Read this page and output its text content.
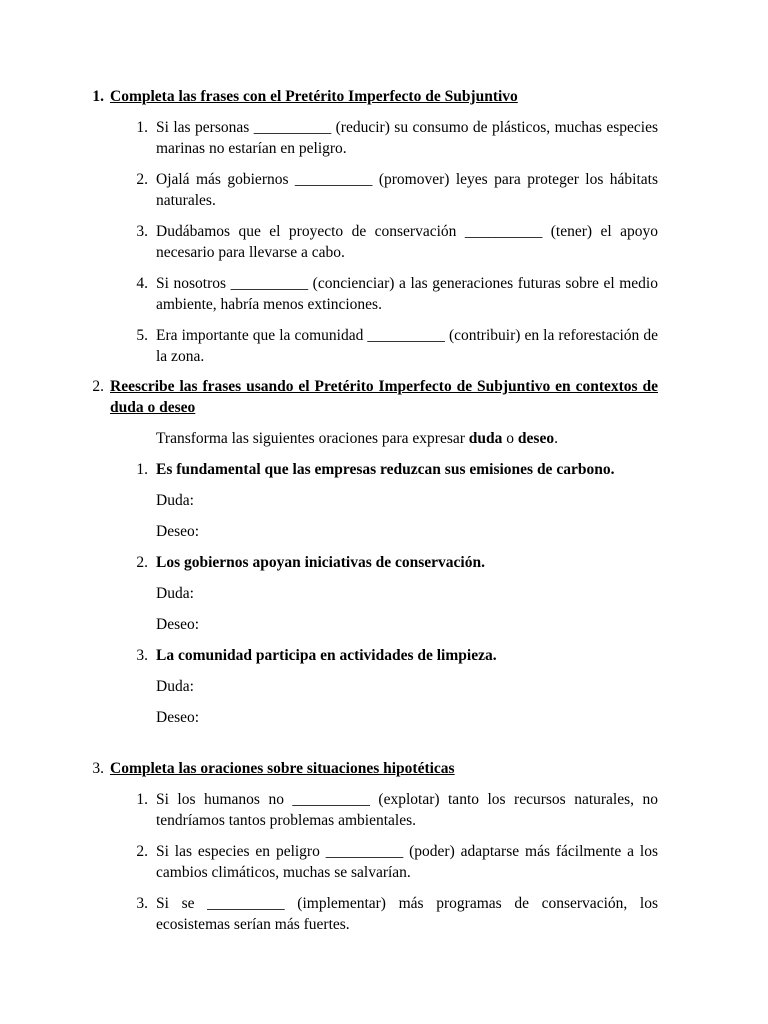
1. Completa las frases con el Pretérito Imperfecto de Subjuntivo
1. Si las personas __________ (reducir) su consumo de plásticos, muchas especies marinas no estarían en peligro.
2. Ojalá más gobiernos __________ (promover) leyes para proteger los hábitats naturales.
3. Dudábamos que el proyecto de conservación __________ (tener) el apoyo necesario para llevarse a cabo.
4. Si nosotros __________ (concienciar) a las generaciones futuras sobre el medio ambiente, habría menos extinciones.
5. Era importante que la comunidad __________ (contribuir) en la reforestación de la zona.
2. Reescribe las frases usando el Pretérito Imperfecto de Subjuntivo en contextos de duda o deseo
Transforma las siguientes oraciones para expresar duda o deseo.
1. Es fundamental que las empresas reduzcan sus emisiones de carbono.
Duda:
Deseo:
2. Los gobiernos apoyan iniciativas de conservación.
Duda:
Deseo:
3. La comunidad participa en actividades de limpieza.
Duda:
Deseo:
3. Completa las oraciones sobre situaciones hipotéticas
1. Si los humanos no __________ (explotar) tanto los recursos naturales, no tendríamos tantos problemas ambientales.
2. Si las especies en peligro __________ (poder) adaptarse más fácilmente a los cambios climáticos, muchas se salvarían.
3. Si se __________ (implementar) más programas de conservación, los ecosistemas serían más fuertes.
